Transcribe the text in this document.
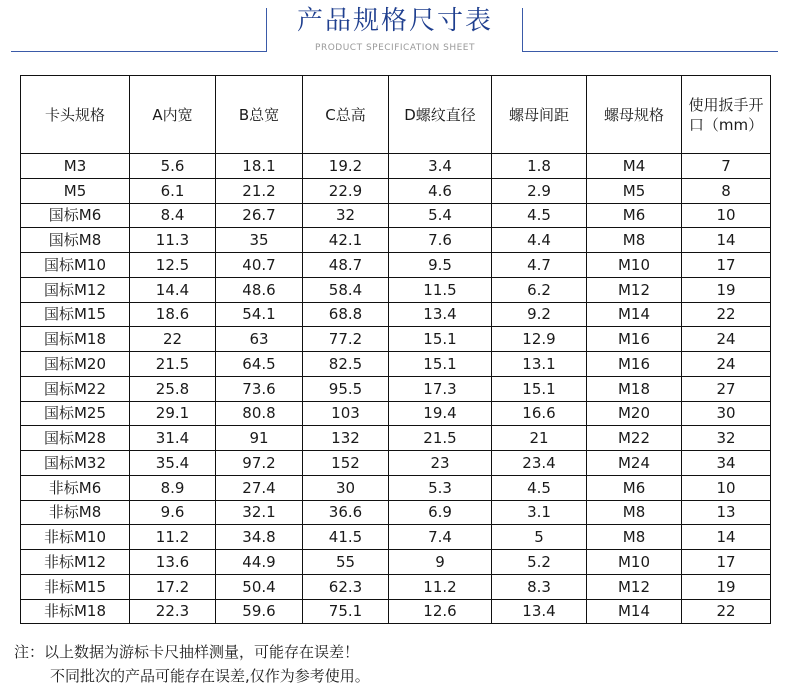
产品规格尺寸表
PRODUCT SPECIFICATION SHEET
卡头规格	A内宽	B总宽	C总高	D螺纹直径	螺母间距	螺母规格	使用扳手开口（mm）
M3	5.6	18.1	19.2	3.4	1.8	M4	7
M5	6.1	21.2	22.9	4.6	2.9	M5	8
国标M6	8.4	26.7	32	5.4	4.5	M6	10
国标M8	11.3	35	42.1	7.6	4.4	M8	14
国标M10	12.5	40.7	48.7	9.5	4.7	M10	17
国标M12	14.4	48.6	58.4	11.5	6.2	M12	19
国标M15	18.6	54.1	68.8	13.4	9.2	M14	22
国标M18	22	63	77.2	15.1	12.9	M16	24
国标M20	21.5	64.5	82.5	15.1	13.1	M16	24
国标M22	25.8	73.6	95.5	17.3	15.1	M18	27
国标M25	29.1	80.8	103	19.4	16.6	M20	30
国标M28	31.4	91	132	21.5	21	M22	32
国标M32	35.4	97.2	152	23	23.4	M24	34
非标M6	8.9	27.4	30	5.3	4.5	M6	10
非标M8	9.6	32.1	36.6	6.9	3.1	M8	13
非标M10	11.2	34.8	41.5	7.4	5	M8	14
非标M12	13.6	44.9	55	9	5.2	M10	17
非标M15	17.2	50.4	62.3	11.2	8.3	M12	19
非标M18	22.3	59.6	75.1	12.6	13.4	M14	22
注：以上数据为游标卡尺抽样测量，可能存在误差！
不同批次的产品可能存在误差,仅作为参考使用。
